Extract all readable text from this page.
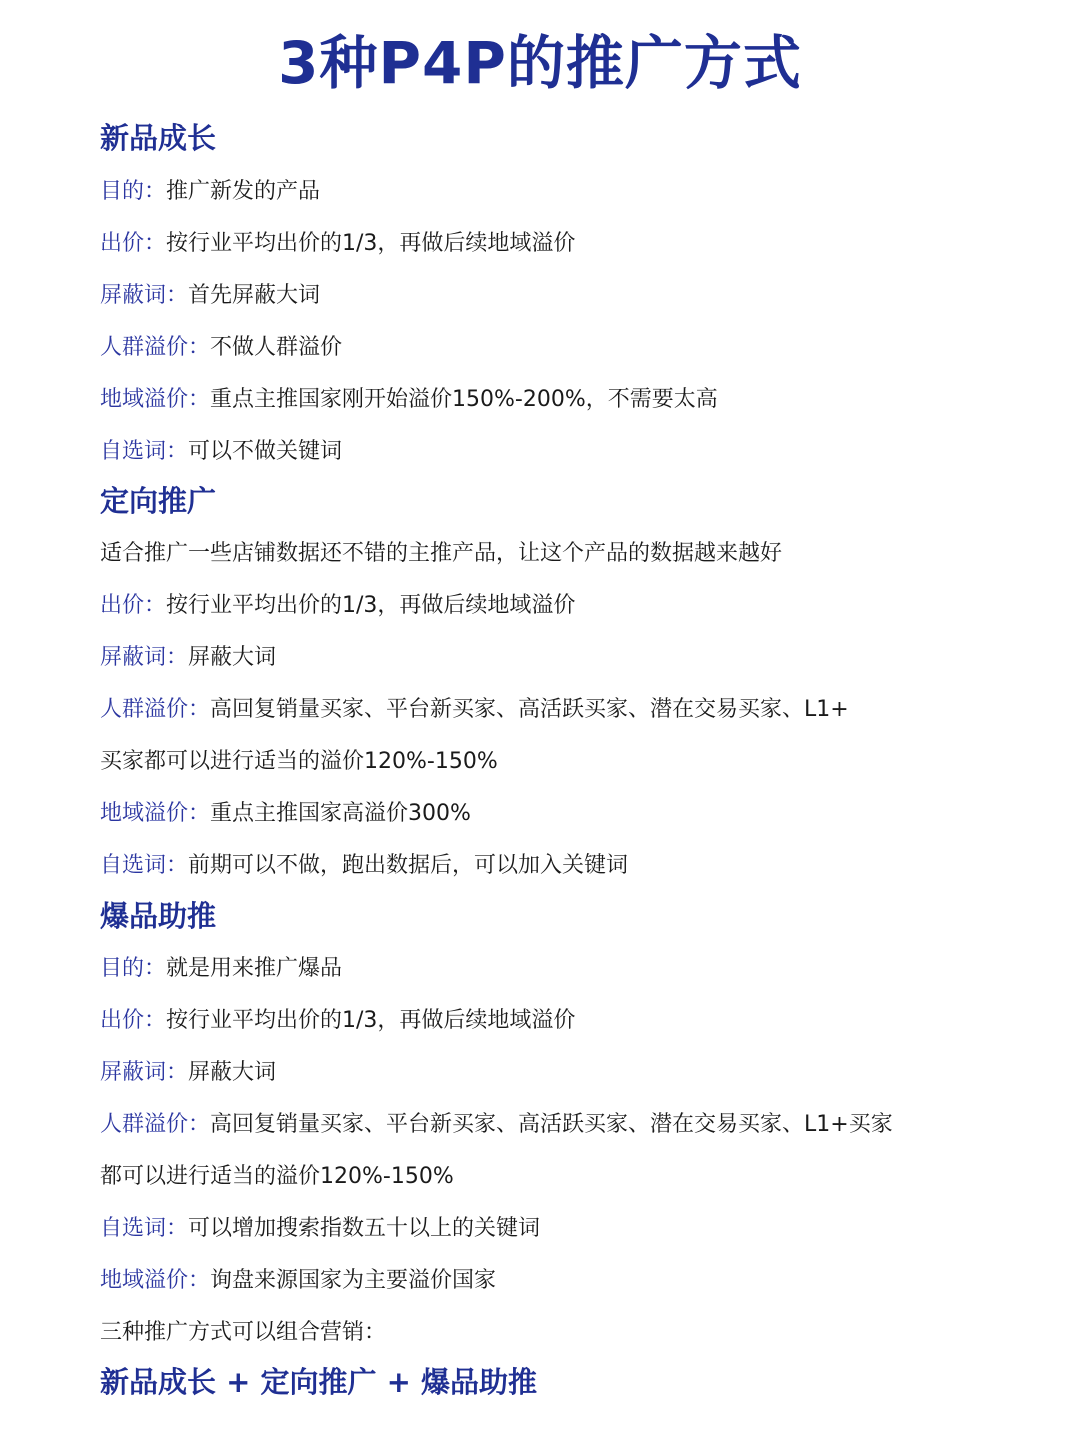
3种P4P的推广方式
新品成长
目的：推广新发的产品
出价：按行业平均出价的1/3，再做后续地域溢价
屏蔽词：首先屏蔽大词
人群溢价：不做人群溢价
地域溢价：重点主推国家刚开始溢价150%-200%，不需要太高
自选词：可以不做关键词
定向推广
适合推广一些店铺数据还不错的主推产品，让这个产品的数据越来越好
出价：按行业平均出价的1/3，再做后续地域溢价
屏蔽词：屏蔽大词
人群溢价：高回复销量买家、平台新买家、高活跃买家、潜在交易买家、L1+
买家都可以进行适当的溢价120%-150%
地域溢价：重点主推国家高溢价300%
自选词：前期可以不做，跑出数据后，可以加入关键词
爆品助推
目的：就是用来推广爆品
出价：按行业平均出价的1/3，再做后续地域溢价
屏蔽词：屏蔽大词
人群溢价：高回复销量买家、平台新买家、高活跃买家、潜在交易买家、L1+买家
都可以进行适当的溢价120%-150%
自选词：可以增加搜索指数五十以上的关键词
地域溢价：询盘来源国家为主要溢价国家
三种推广方式可以组合营销：
新品成长 + 定向推广 + 爆品助推
